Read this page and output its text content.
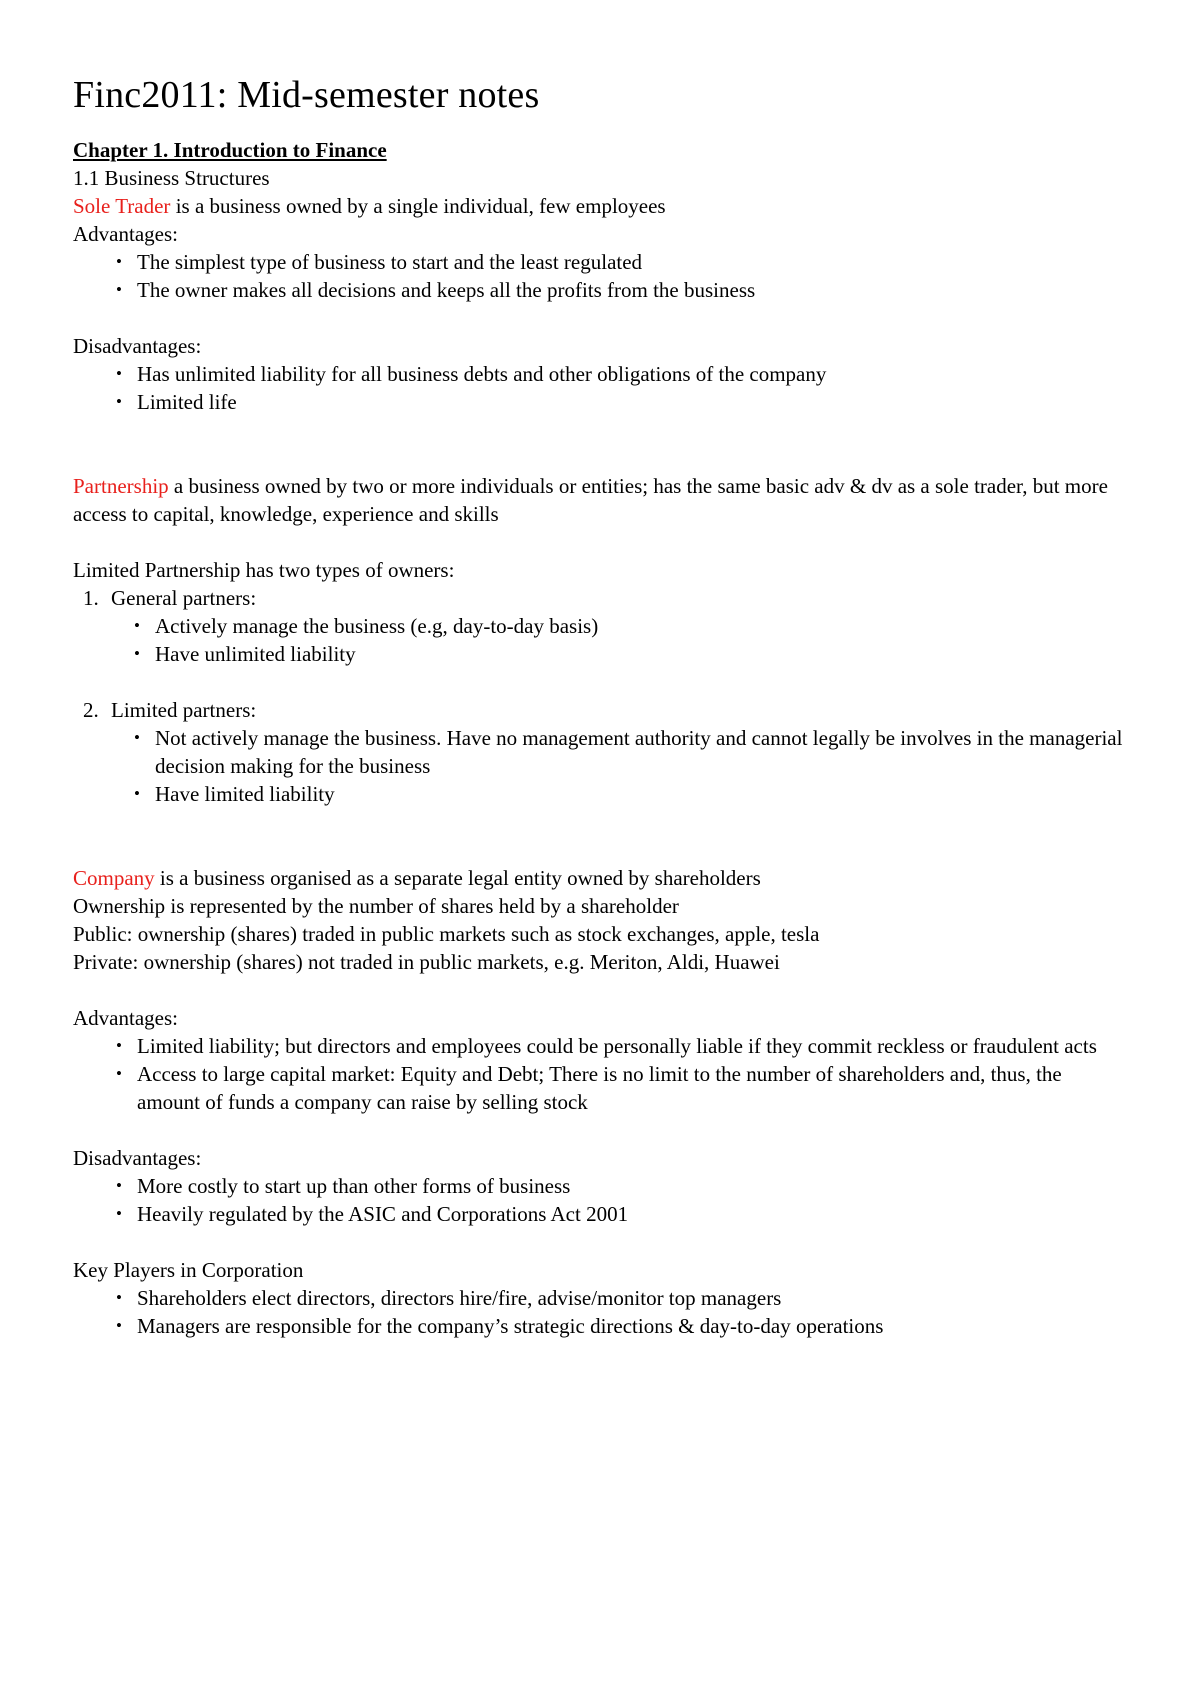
Finc2011: Mid-semester notes

Chapter 1. Introduction to Finance

1.1 Business Structures

Sole Trader is a business owned by a single individual, few employees

Advantages:

• The simplest type of business to start and the least regulated
• The owner makes all decisions and keeps all the profits from the business

Disadvantages:

• Has unlimited liability for all business debts and other obligations of the company
• Limited life

Partnership a business owned by two or more individuals or entities; has the same basic adv & dv as a sole trader, but more access to capital, knowledge, experience and skills

Limited Partnership has two types of owners:

1. General partners:
• Actively manage the business (e.g, day-to-day basis)
• Have unlimited liability
2. Limited partners:
• Not actively manage the business. Have no management authority and cannot legally be involves in the managerial decision making for the business
• Have limited liability

Company is a business organised as a separate legal entity owned by shareholders

Ownership is represented by the number of shares held by a shareholder

Public: ownership (shares) traded in public markets such as stock exchanges, apple, tesla

Private: ownership (shares) not traded in public markets, e.g. Meriton, Aldi, Huawei

Advantages:

• Limited liability; but directors and employees could be personally liable if they commit reckless or fraudulent acts
• Access to large capital market: Equity and Debt; There is no limit to the number of shareholders and, thus, the amount of funds a company can raise by selling stock

Disadvantages:

• More costly to start up than other forms of business
• Heavily regulated by the ASIC and Corporations Act 2001

Key Players in Corporation

• Shareholders elect directors, directors hire/fire, advise/monitor top managers
• Managers are responsible for the company’s strategic directions & day-to-day operations
